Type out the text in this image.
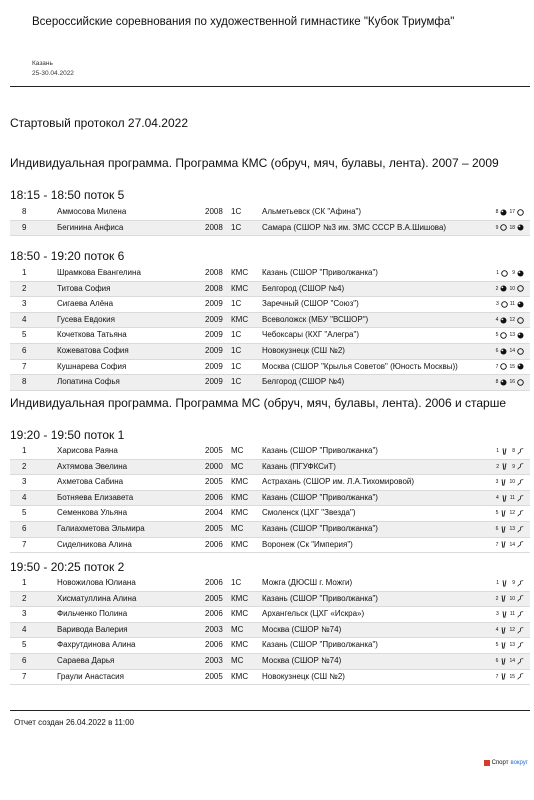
Всероссийские соревнования по художественной гимнастике "Кубок Триумфа"
Казань
25-30.04.2022
Стартовый протокол 27.04.2022
Индивидуальная программа. Программа КМС (обруч, мяч, булавы, лента). 2007 – 2009
18:15 - 18:50 поток 5
8	Аммосова Милена	2008 1С	Альметьевск (СК "Афина")	8 17
9	Бегинина Анфиса	2008 1С	Самара (СШОР №3 им. ЗМС СССР В.А.Шишова)	9 18
18:50 - 19:20 поток 6
1	Шрамкова Евангелина	2008 КМС Казань (СШОР "Приволжанка")	1	9
2	Титова София	2008 КМС Белгород (СШОР №4)	2 10
3	Сигаева Алёна	2009 1С	Заречный (СШОР "Союз")	3 11
4	Гусева Евдокия	2009 КМС Всеволожск (МБУ "ВСШОР")	4 12
5	Кочеткова Татьяна	2009 1С	Чебоксары (КХГ "Алегра")	5 13
6	Кожеватова София	2009 1С	Новокузнецк (СШ №2)	6 14
7	Кушнарева София	2009 1С	Москва (СШОР "Крылья Советов" (Юность Москвы))	7 15
8	Лопатина Софья	2009 1С	Белгород (СШОР №4)	8 16
Индивидуальная программа. Программа МС (обруч, мяч, булавы, лента). 2006 и старше
19:20 - 19:50 поток 1
1	Харисова Раяна	2005 МС Казань (СШОР "Приволжанка")	1	8
2	Ахтямова Эвелина	2000 МС Казань (ПГУФКСиТ)	2	9
3	Ахметова Сабина	2005 КМС Астрахань (СШОР им. Л.А.Тихомировой)	3 10
4	Ботняева Елизавета	2006 КМС Казань (СШОР "Приволжанка")	4 11
5	Семенкова Ульяна	2004 КМС Смоленск (ЦХГ "Звезда")	5 12
6	Галиахметова Эльмира	2005 МС Казань (СШОР "Приволжанка")	6 13
7	Сиделникова Алина	2006 КМС Воронеж (Ск "Империя")	7 14
19:50 - 20:25 поток 2
1	Новожилова Юлиана	2006 1С	Можга (ДЮСШ г. Можги)	1	9
2	Хисматуллина Алина	2005 КМС Казань (СШОР "Приволжанка")	2 10
3	Фильченко Полина	2006 КМС Архангельск (ЦХГ «Искра»)	3 11
4	Варивода Валерия	2003 МС Москва (СШОР №74)	4 12
5	Фахрутдинова Алина	2006 КМС Казань (СШОР "Приволжанка")	5 13
6	Сараева Дарья	2003 МС Москва (СШОР №74)	6 14
7	Граули Анастасия	2005 КМС Новокузнецк (СШ №2)	7 15
Отчет создан 26.04.2022 в 11:00
Спорт вокруг
